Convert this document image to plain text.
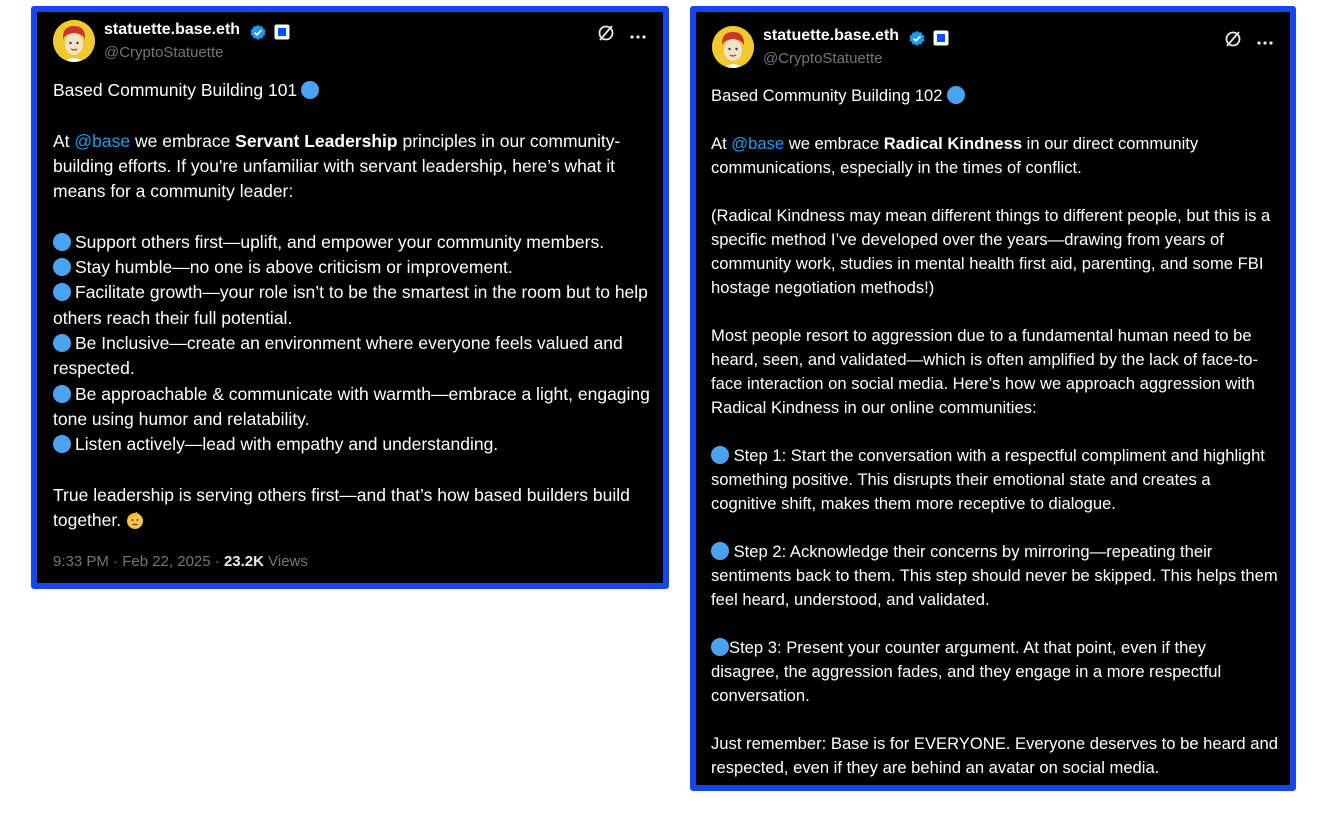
statuette.base.eth
@CryptoStatuette

Based Community Building 101

At @base we embrace Servant Leadership principles in our community-building efforts. If you're unfamiliar with servant leadership, here’s what it means for a community leader:

Support others first—uplift, and empower your community members.
Stay humble—no one is above criticism or improvement.
Facilitate growth—your role isn’t to be the smartest in the room but to help others reach their full potential.
Be Inclusive—create an environment where everyone feels valued and respected.
Be approachable & communicate with warmth—embrace a light, engaging tone using humor and relatability.
Listen actively—lead with empathy and understanding.

True leadership is serving others first—and that’s how based builders build together.

9:33 PM · Feb 22, 2025 · 23.2K Views
statuette.base.eth
@CryptoStatuette

Based Community Building 102

At @base we embrace Radical Kindness in our direct community communications, especially in the times of conflict.

(Radical Kindness may mean different things to different people, but this is a specific method I’ve developed over the years—drawing from years of community work, studies in mental health first aid, parenting, and some FBI hostage negotiation methods!)

Most people resort to aggression due to a fundamental human need to be heard, seen, and validated—which is often amplified by the lack of face-to-face interaction on social media. Here’s how we approach aggression with Radical Kindness in our online communities:

Step 1: Start the conversation with a respectful compliment and highlight something positive. This disrupts their emotional state and creates a cognitive shift, makes them more receptive to dialogue.

Step 2: Acknowledge their concerns by mirroring—repeating their sentiments back to them. This step should never be skipped. This helps them feel heard, understood, and validated.

Step 3: Present your counter argument. At that point, even if they disagree, the aggression fades, and they engage in a more respectful conversation.

Just remember: Base is for EVERYONE. Everyone deserves to be heard and respected, even if they are behind an avatar on social media.
